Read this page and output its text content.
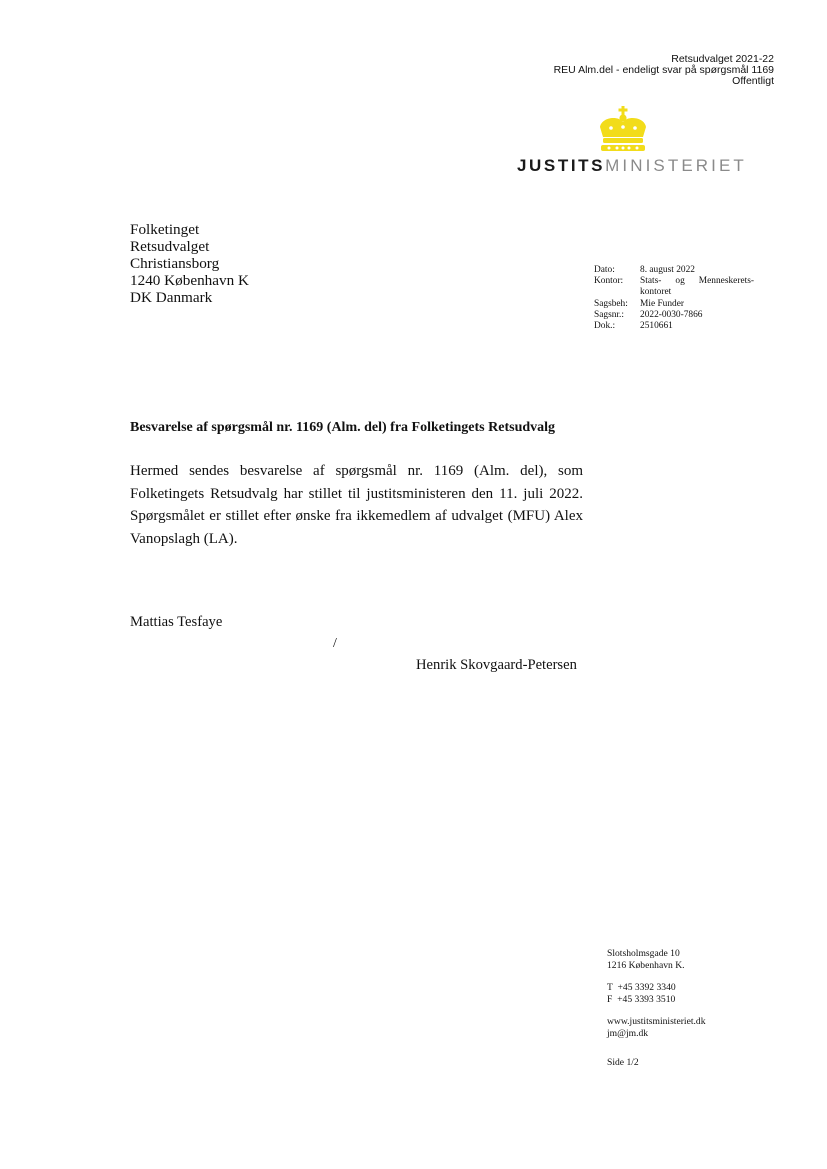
Retsudvalget 2021-22
REU Alm.del - endeligt svar på spørgsmål 1169
Offentligt
JUSTITSMINISTERIET
Folketinget
Retsudvalget
Christiansborg
1240 København K
DK Danmark
Dato:	8. august 2022
Kontor:	Stats- og Menneskerets-kontoret
Sagsbeh:	Mie Funder
Sagsnr.:	2022-0030-7866
Dok.:	2510661
Besvarelse af spørgsmål nr. 1169 (Alm. del) fra Folketingets Retsudvalg
Hermed sendes besvarelse af spørgsmål nr. 1169 (Alm. del), som Folketingets Retsudvalg har stillet til justitsministeren den 11. juli 2022. Spørgsmålet er stillet efter ønske fra ikkemedlem af udvalget (MFU) Alex Vanopslagh (LA).
Mattias Tesfaye
/
Henrik Skovgaard-Petersen
Slotsholmsgade 10
1216 København K.
T  +45 3392 3340
F  +45 3393 3510
www.justitsministeriet.dk
jm@jm.dk
Side 1/2
